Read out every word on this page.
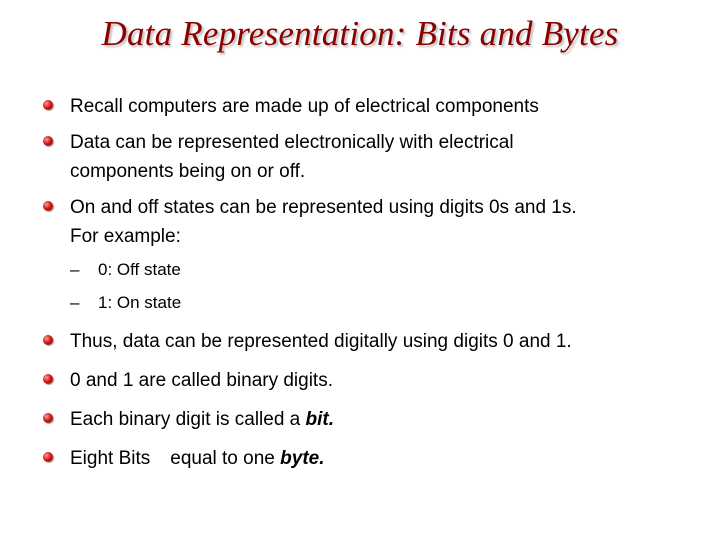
Data Representation: Bits and Bytes
Recall computers are made up of electrical components
Data can be represented electronically with electrical
components being on or off.
On and off states can be represented using digits 0s and 1s.
For example:
– 0: Off state
– 1: On state
Thus, data can be represented digitally using digits 0 and 1.
0 and 1 are called binary digits.
Each binary digit is called a bit.
Eight Bits equal to one byte.
